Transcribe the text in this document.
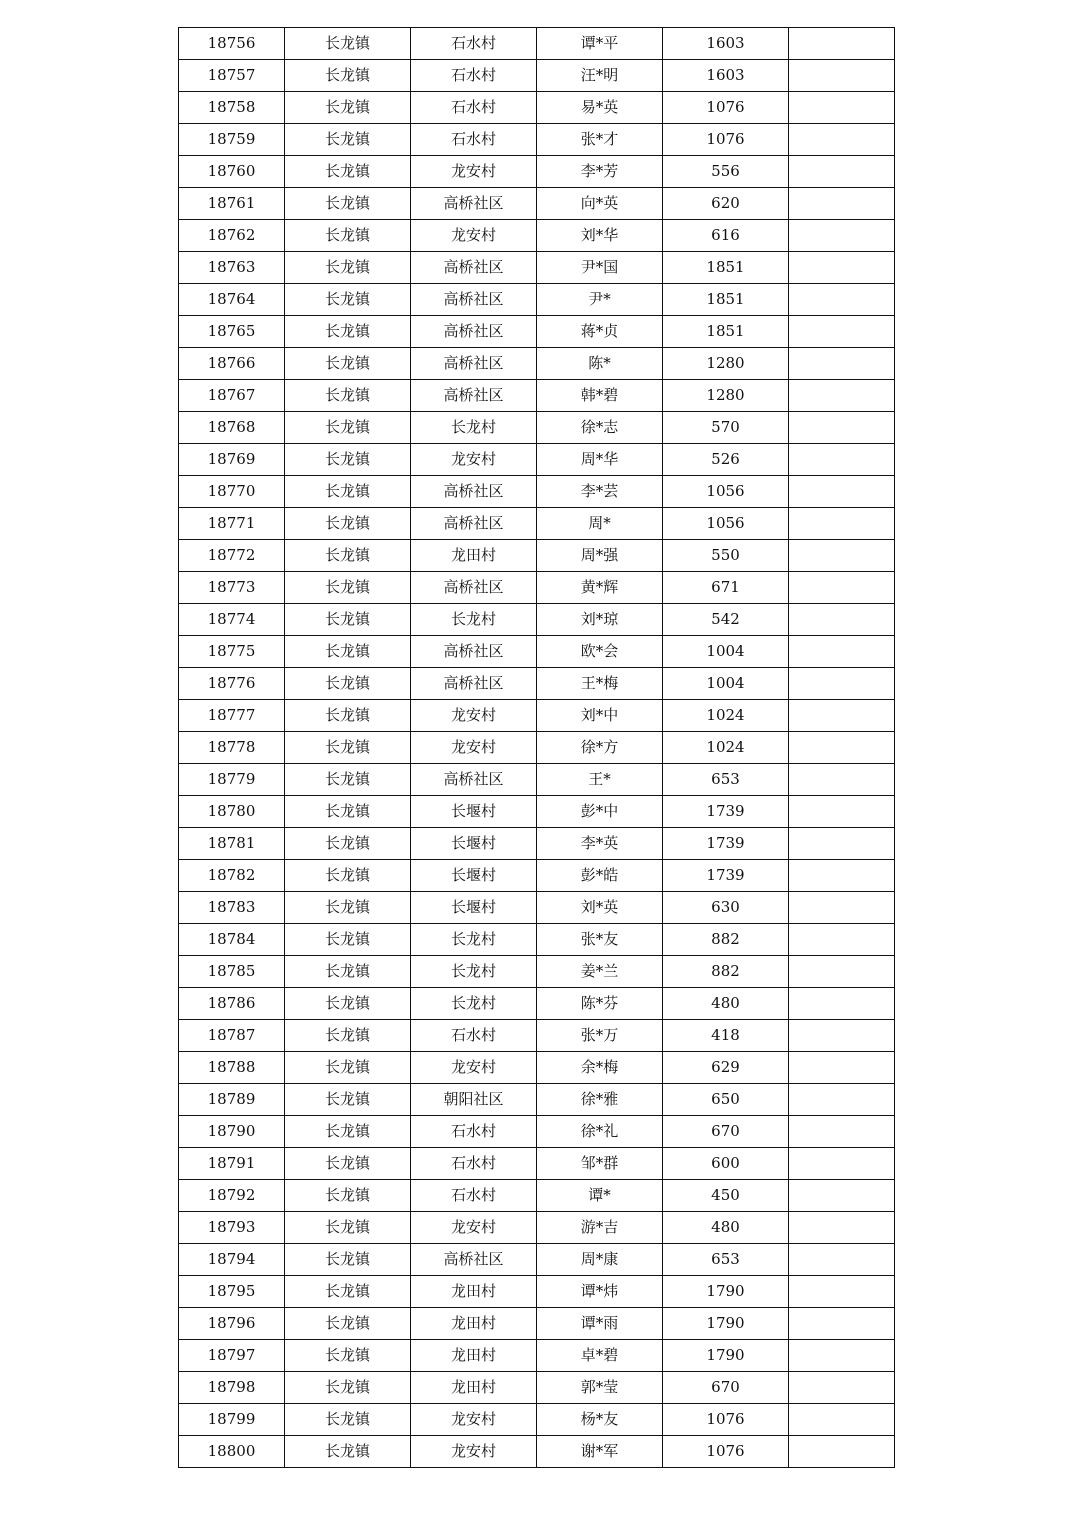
18756	长龙镇	石水村	谭*平	1603	
18757	长龙镇	石水村	汪*明	1603	
18758	长龙镇	石水村	易*英	1076	
18759	长龙镇	石水村	张*才	1076	
18760	长龙镇	龙安村	李*芳	556	
18761	长龙镇	高桥社区	向*英	620	
18762	长龙镇	龙安村	刘*华	616	
18763	长龙镇	高桥社区	尹*国	1851	
18764	长龙镇	高桥社区	尹*	1851	
18765	长龙镇	高桥社区	蒋*贞	1851	
18766	长龙镇	高桥社区	陈*	1280	
18767	长龙镇	高桥社区	韩*碧	1280	
18768	长龙镇	长龙村	徐*志	570	
18769	长龙镇	龙安村	周*华	526	
18770	长龙镇	高桥社区	李*芸	1056	
18771	长龙镇	高桥社区	周*	1056	
18772	长龙镇	龙田村	周*强	550	
18773	长龙镇	高桥社区	黄*辉	671	
18774	长龙镇	长龙村	刘*琼	542	
18775	长龙镇	高桥社区	欧*会	1004	
18776	长龙镇	高桥社区	王*梅	1004	
18777	长龙镇	龙安村	刘*中	1024	
18778	长龙镇	龙安村	徐*方	1024	
18779	长龙镇	高桥社区	王*	653	
18780	长龙镇	长堰村	彭*中	1739	
18781	长龙镇	长堰村	李*英	1739	
18782	长龙镇	长堰村	彭*皓	1739	
18783	长龙镇	长堰村	刘*英	630	
18784	长龙镇	长龙村	张*友	882	
18785	长龙镇	长龙村	姜*兰	882	
18786	长龙镇	长龙村	陈*芬	480	
18787	长龙镇	石水村	张*万	418	
18788	长龙镇	龙安村	余*梅	629	
18789	长龙镇	朝阳社区	徐*雅	650	
18790	长龙镇	石水村	徐*礼	670	
18791	长龙镇	石水村	邹*群	600	
18792	长龙镇	石水村	谭*	450	
18793	长龙镇	龙安村	游*吉	480	
18794	长龙镇	高桥社区	周*康	653	
18795	长龙镇	龙田村	谭*炜	1790	
18796	长龙镇	龙田村	谭*雨	1790	
18797	长龙镇	龙田村	卓*碧	1790	
18798	长龙镇	龙田村	郭*莹	670	
18799	长龙镇	龙安村	杨*友	1076	
18800	长龙镇	龙安村	谢*军	1076	
